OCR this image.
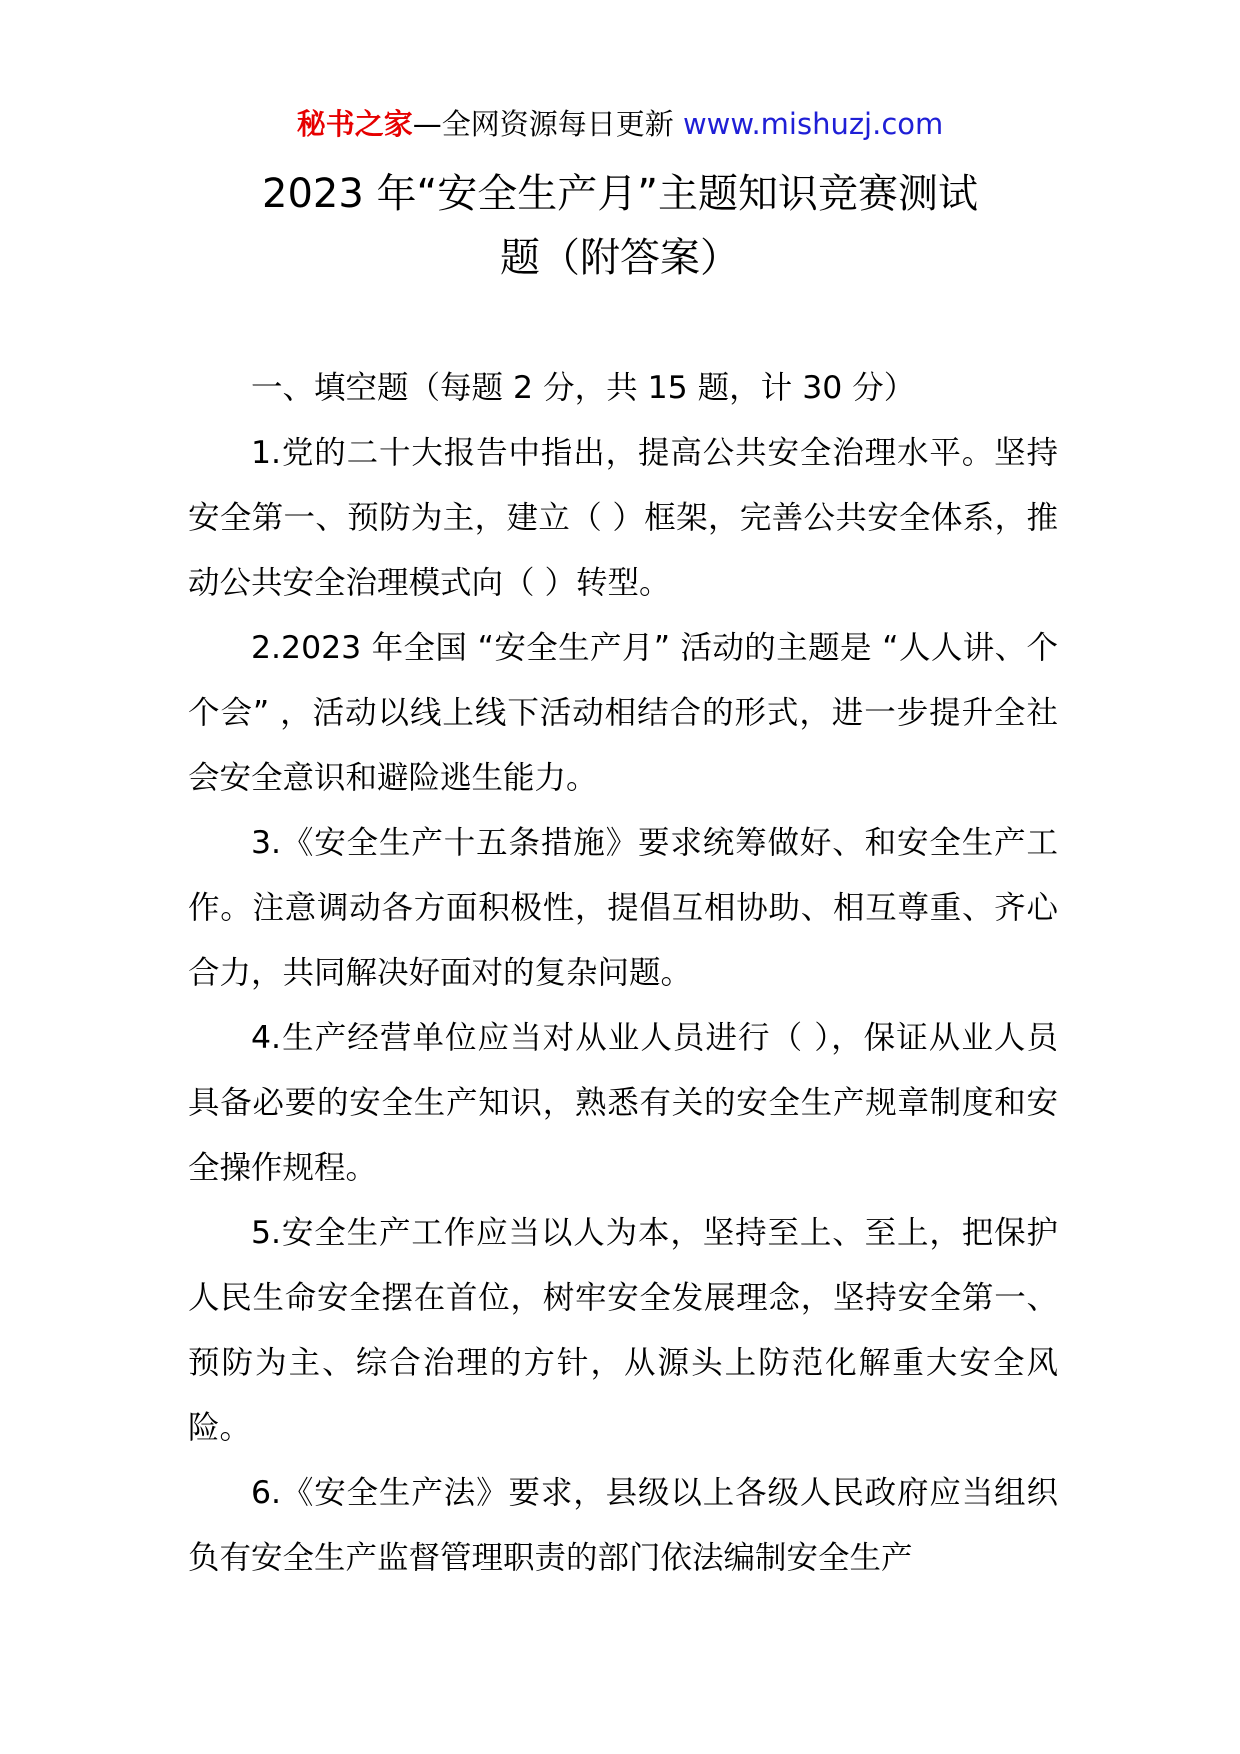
秘书之家—全网资源每日更新 www.mishuzj.com
2023 年“安全生产月”主题知识竞赛测试
题（附答案）

一、填空题（每题 2 分，共 15 题，计 30 分）

1.党的二十大报告中指出，提高公共安全治理水平。坚持安全第一、预防为主，建立（ ）框架，完善公共安全体系，推动公共安全治理模式向（ ）转型。

2.2023 年全国 “安全生产月” 活动的主题是 “人人讲、个个会” ，活动以线上线下活动相结合的形式，进一步提升全社会安全意识和避险逃生能力。

3.《安全生产十五条措施》要求统筹做好、和安全生产工作。注意调动各方面积极性，提倡互相协助、相互尊重、齐心合力，共同解决好面对的复杂问题。

4.生产经营单位应当对从业人员进行（ ），保证从业人员具备必要的安全生产知识，熟悉有关的安全生产规章制度和安全操作规程。

5.安全生产工作应当以人为本，坚持至上、至上，把保护人民生命安全摆在首位，树牢安全发展理念，坚持安全第一、预防为主、综合治理的方针，从源头上防范化解重大安全风险。

6.《安全生产法》要求，县级以上各级人民政府应当组织负有安全生产监督管理职责的部门依法编制安全生产
